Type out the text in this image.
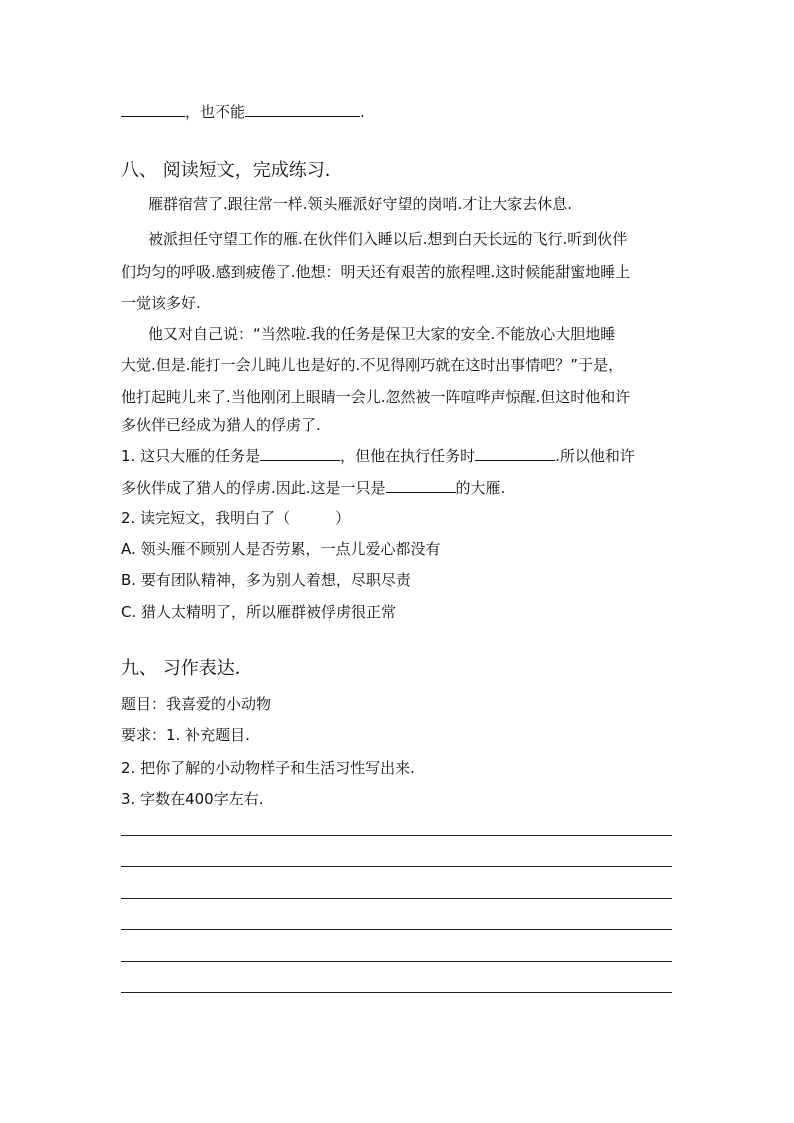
，也不能	.
八、 阅读短文，完成练习．
雁群宿营了.跟往常一样.领头雁派好守望的岗哨.才让大家去休息.
被派担任守望工作的雁.在伙伴们入睡以后.想到白天长远的飞行.听到伙伴
们均匀的呼吸.感到疲倦了.他想：明天还有艰苦的旅程哩.这时候能甜蜜地睡上
一觉该多好.
他又对自己说：“当然啦.我的任务是保卫大家的安全.不能放心大胆地睡
大觉.但是.能打一会儿盹儿也是好的.不见得刚巧就在这时出事情吧？”于是，
他打起盹儿来了.当他刚闭上眼睛一会儿.忽然被一阵喧哗声惊醒.但这时他和许
多伙伴已经成为猎人的俘虏了.
1. 这只大雁的任务是	，但他在执行任务时	.所以他和许
多伙伴成了猎人的俘虏.因此.这是一只是	的大雁.
2. 读完短文，我明白了（　　　）
A. 领头雁不顾别人是否劳累，一点儿爱心都没有
B. 要有团队精神，多为别人着想，尽职尽责
C. 猎人太精明了，所以雁群被俘虏很正常
九、 习作表达．
题目：我喜爱的小动物
要求：1. 补充题目.
2. 把你了解的小动物样子和生活习性写出来.
3. 字数在400字左右.
